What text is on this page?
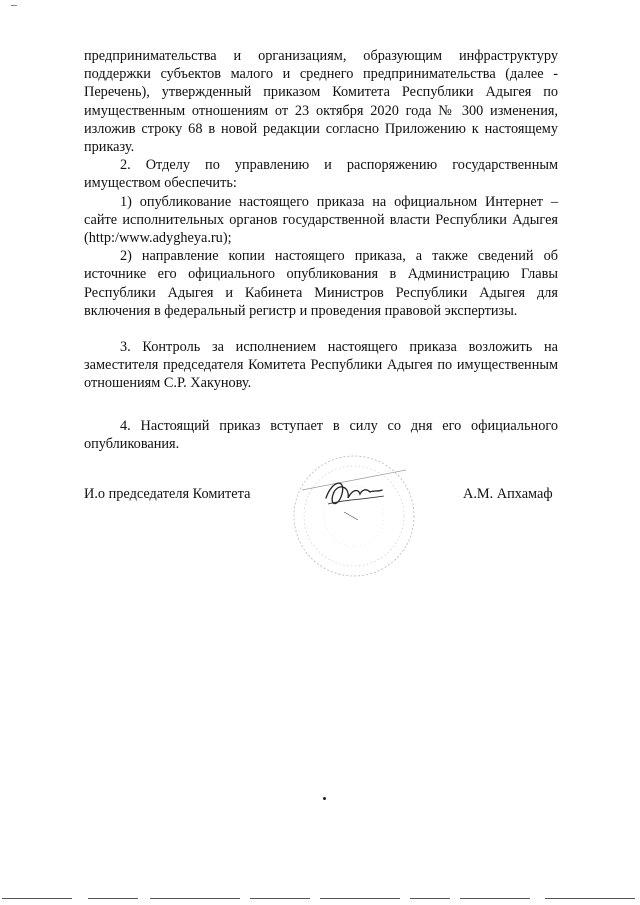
предпринимательства и организациям, образующим инфраструктуру поддержки субъектов малого и среднего предпринимательства (далее - Перечень), утвержденный приказом Комитета Республики Адыгея по имущественным отношениям от 23 октября 2020 года № 300 изменения, изложив строку 68 в новой редакции согласно Приложению к настоящему приказу.

2. Отделу по управлению и распоряжению государственным имуществом обеспечить:

1) опубликование настоящего приказа на официальном Интернет – сайте исполнительных органов государственной власти Республики Адыгея (http:/www.adygheya.ru);

2) направление копии настоящего приказа, а также сведений об источнике его официального опубликования в Администрацию Главы Республики Адыгея и Кабинета Министров Республики Адыгея для включения в федеральный регистр и проведения правовой экспертизы.

3. Контроль за исполнением настоящего приказа возложить на заместителя председателя Комитета Республики Адыгея по имущественным отношениям С.Р. Хакунову.

4. Настоящий приказ вступает в силу со дня его официального опубликования.

И.о председателя Комитета	А.М. Апхамаф
